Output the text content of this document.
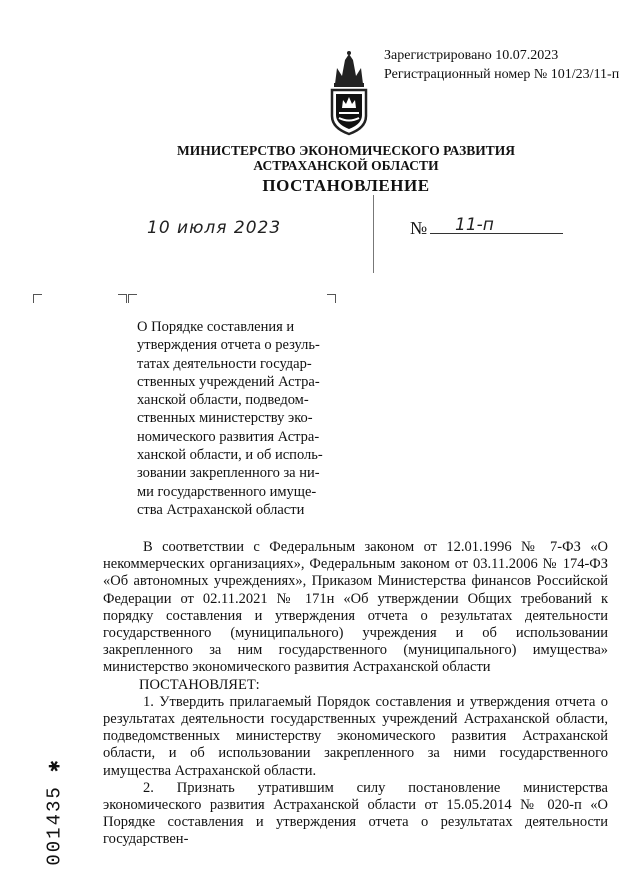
Зарегистрировано 10.07.2023
Регистрационный номер № 101/23/11-п
МИНИСТЕРСТВО ЭКОНОМИЧЕСКОГО РАЗВИТИЯ
АСТРАХАНСКОЙ ОБЛАСТИ
ПОСТАНОВЛЕНИЕ
10 июля 2023	№ 11-п
О Порядке составления и
утверждения отчета о резуль-
татах деятельности государ-
ственных учреждений Астра-
ханской области, подведом-
ственных министерству эко-
номического развития Астра-
ханской области, и об исполь-
зовании закрепленного за ни-
ми государственного имуще-
ства Астраханской области

В соответствии с Федеральным законом от 12.01.1996 № 7-ФЗ «О некоммерческих организациях», Федеральным законом от 03.11.2006 № 174-ФЗ «Об автономных учреждениях», Приказом Министерства финансов Российской Федерации от 02.11.2021 № 171н «Об утверждении Общих требований к порядку составления и утверждения отчета о результатах деятельности государственного (муниципального) учреждения и об использовании закрепленного за ним государственного (муниципального) имущества» министерство экономического развития Астраханской области

ПОСТАНОВЛЯЕТ:

1. Утвердить прилагаемый Порядок составления и утверждения отчета о результатах деятельности государственных учреждений Астраханской области, подведомственных министерству экономического развития Астраханской области, и об использовании закрепленного за ними государственного имущества Астраханской области.

2. Признать утратившим силу постановление министерства экономического развития Астраханской области от 15.05.2014 № 020-п «О Порядке составления и утверждения отчета о результатах деятельности государствен-

001435 ✱
